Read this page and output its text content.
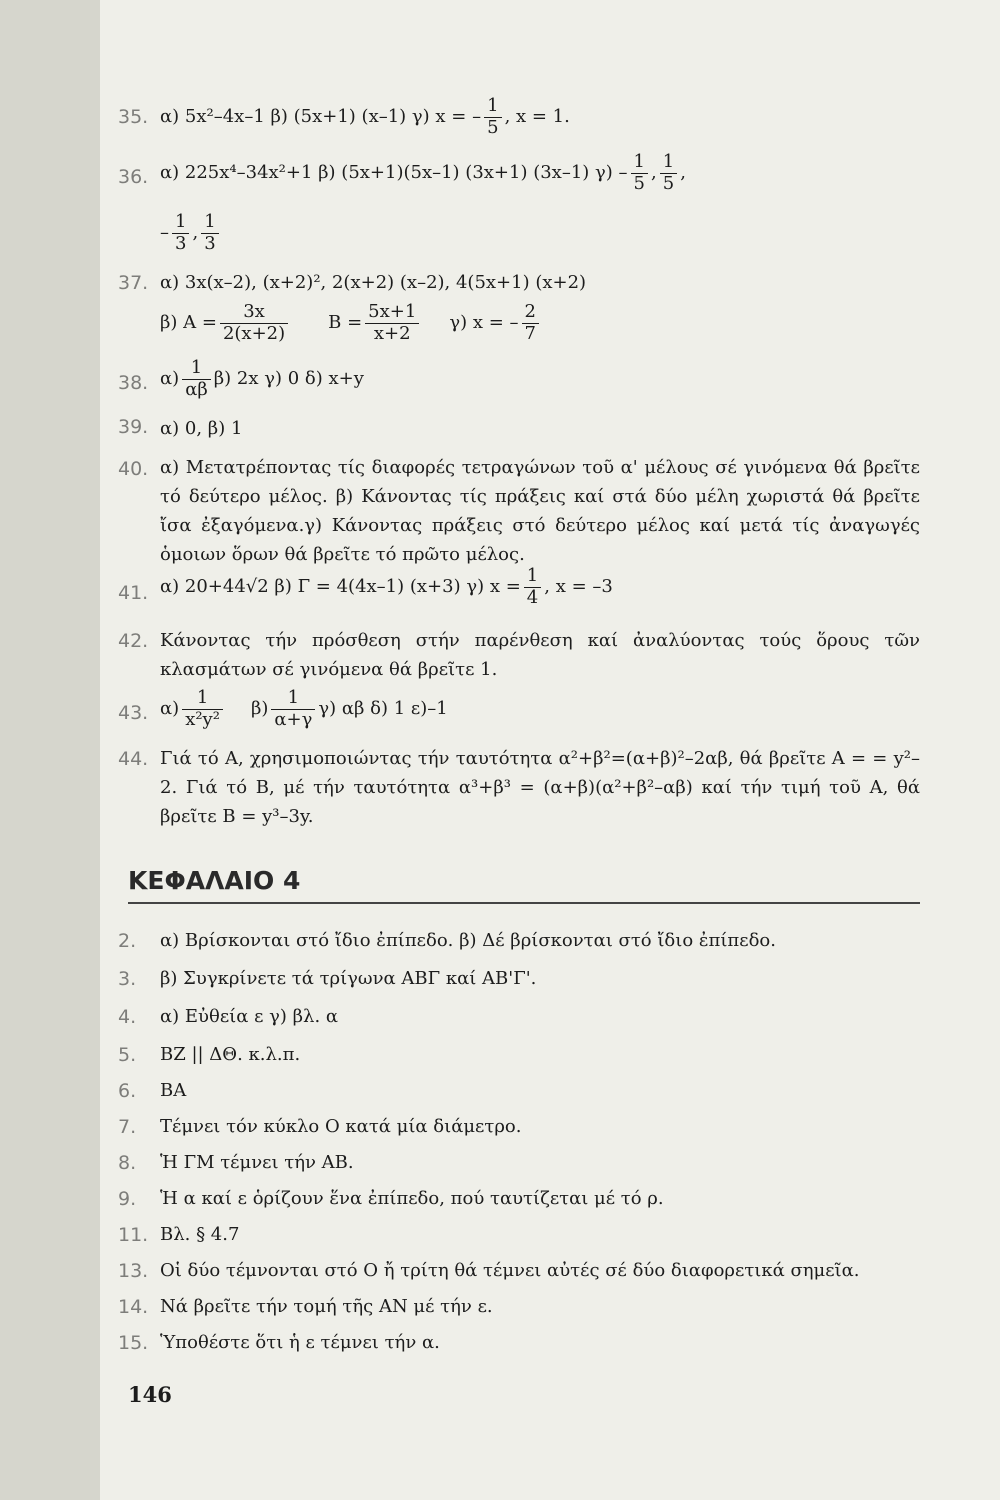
35. α) 5x²–4x–1 β) (5x+1) (x–1) γ) x = – $\frac{1}{5}$ , x = 1.
36. α) 225x⁴–34x²+1 β) (5x+1)(5x–1) (3x+1) (3x–1) $\gamma) - \frac{1}{5}$ , $\frac{1}{5}$ ,
– $\frac{1}{3}$ , $\frac{1}{3}$
37. α) 3x(x–2), (x+2)², 2(x+2) (x–2), 4(5x+1) (x+2)
β) $A = \frac{3x}{2(x+2)}$ $B = \frac{5x+1}{x+2} \gamma$) x = – $\frac{2}{7}$
38. $\alpha) \frac{1}{\alpha\beta} \beta$) 2x γ) 0 δ) x+y
39. α) 0, β) 1
40. α) Μετατρέποντας τίς διαφορές τετραγώνων τοῦ α' μέλους σέ γινόμενα θά βρεῖτε τό δεύτερο μέλος. β) Κάνοντας τίς πράξεις καί στά δύο μέλη χωριστά θά βρεῖτε ἴσα ἐξαγόμενα.γ) Κάνοντας πράξεις στό δεύτερο μέλος καί μετά τίς ἀναγωγές ὁμοιων ὅρων θά βρεῖτε τό πρῶτο μέλος.
41. α) 20+44√2 β) Γ = 4(4x–1) (x+3) γ) $x = \frac{1}{4}$ , x = –3
42. Κάνοντας τήν πρόσθεση στήν παρένθεση καί ἀναλύοντας τούς ὅρους τῶν κλασμάτων σέ γινόμενα θά βρεῖτε 1.
43. $\alpha) \frac{1}{\text{x²y²}} \beta) \frac{1}{\alpha+\gamma} \gamma$) αβ δ) 1 ε)–1
44. Γιά τό Α, χρησιμοποιώντας τήν ταυτότητα α²+β²=(α+β)²–2αβ, θά βρεῖτε Α = = y²–2. Γιά τό Β, μέ τήν ταυτότητα α³+β³ = (α+β)(α²+β²–αβ) καί τήν τιμή τοῦ Α, θά βρεῖτε Β = y³–3y.
ΚΕΦΑΛΑΙΟ 4
2. α) Βρίσκονται στό ἴδιο ἐπίπεδο. β) Δέ βρίσκονται στό ἴδιο ἐπίπεδο.
3. β) Συγκρίνετε τά τρίγωνα ΑΒΓ καί ΑΒ'Γ'.
4. α) Εὐθεία ε γ) βλ. α
5. ΒΖ || ΔΘ. κ.λ.π.
6. ΒΑ
7. Τέμνει τόν κύκλο Ο κατά μία διάμετρο.
8. Ἡ ΓΜ τέμνει τήν ΑΒ.
9. Ἡ α καί ε ὁρίζουν ἕνα ἐπίπεδο, πού ταυτίζεται μέ τό ρ.
11. Βλ. § 4.7
13. Οἱ δύο τέμνονται στό Ο ἤ τρίτη θά τέμνει αὐτές σέ δύο διαφορετικά σημεῖα.
14. Νά βρεῖτε τήν τομή τῆς ΑΝ μέ τήν ε.
15. Ὑποθέστε ὅτι ἡ ε τέμνει τήν α.
146
